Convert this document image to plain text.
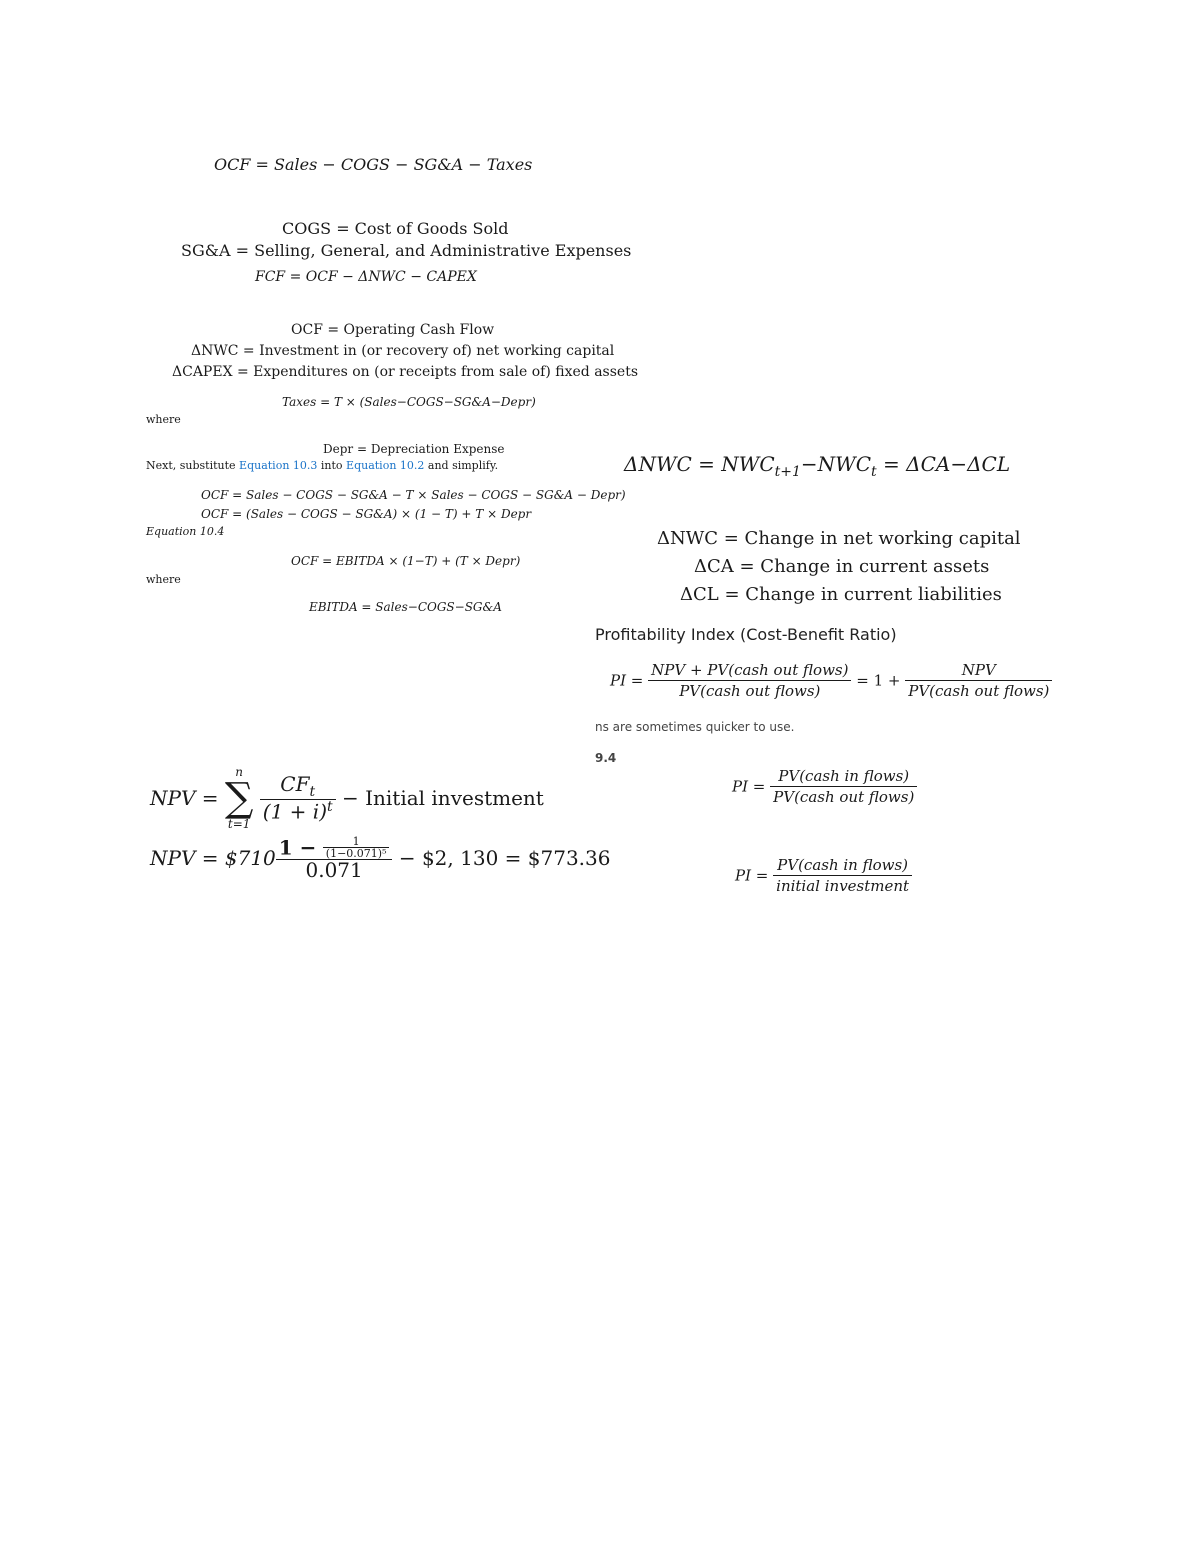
OCF = Sales − COGS − SG&A − Taxes
COGS = Cost of Goods Sold
SG&A = Selling, General, and Administrative Expenses
FCF = OCF − ΔNWC − CAPEX
OCF = Operating Cash Flow
ΔNWC = Investment in (or recovery of) net working capital
ΔCAPEX = Expenditures on (or receipts from sale of) fixed assets
Taxes = T × (Sales−COGS−SG&A−Depr)
where
Depr = Depreciation Expense
Next, substitute Equation 10.3 into Equation 10.2 and simplify.
OCF = Sales − COGS − SG&A − T × Sales − COGS − SG&A − Depr)
OCF = (Sales − COGS − SG&A) × (1 − T) + T × Depr
Equation 10.4
OCF = EBITDA × (1−T) + (T × Depr)
where
EBITDA = Sales−COGS−SG&A
NPV =
n
∑
t=1

$\frac{CF_t}{(1 + i)^t}$ − Initial investment
NPV = $710 $\frac{1 - \frac{1}{\text{(1−0.071)⁵}}}{0.071}$ − $2, 130 = $773.36
$\Delta NWC = NWC_{t+1}-NWC_t = \Delta CA-\Delta CL$
ΔNWC = Change in net working capital
ΔCA = Change in current assets
ΔCL = Change in current liabilities
Profitability Index (Cost-Benefit Ratio)
PI = $\frac{\text{NPV + PV(cash out flows)}}{\text{PV(cash out flows)}} = 1 + \frac{\text{NPV}}{\text{PV(cash out flows)}}$
ns are sometimes quicker to use.
9.4
PI = $\frac{\text{PV(cash in flows)}}{\text{PV(cash out flows)}}$
PI = $\frac{\text{PV(cash in flows)}}{\text{initial investment}}$
